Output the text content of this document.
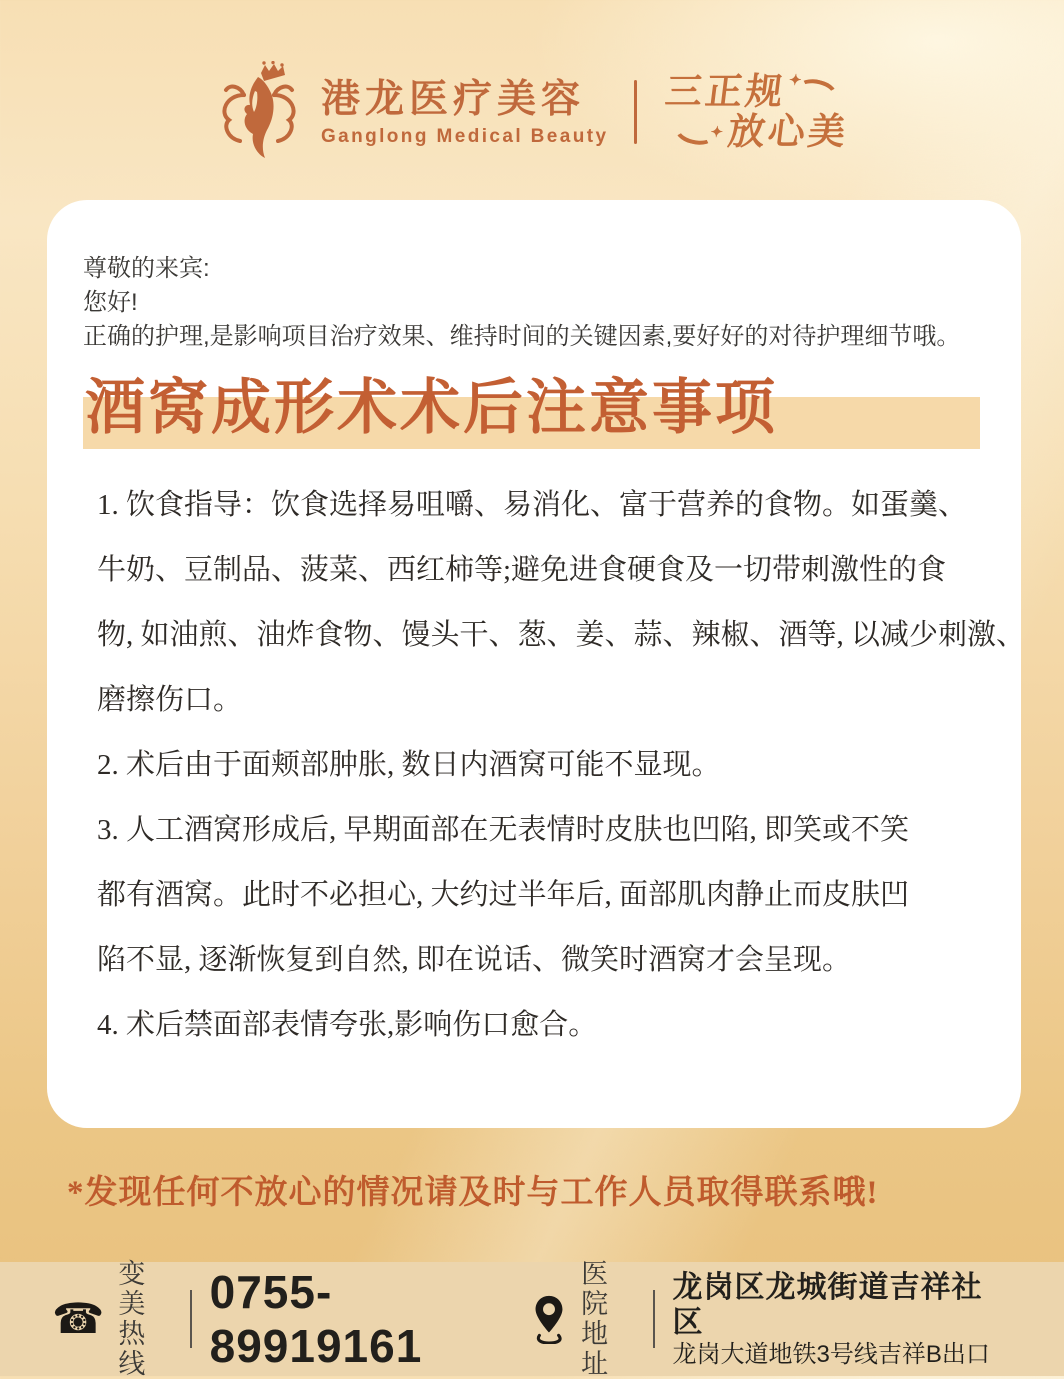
港龙医疗美容
Ganglong Medical Beauty
三正规 ✦
✦
放心美
尊敬的来宾:
您好!
正确的护理,是影响项目治疗效果、维持时间的关键因素,要好好的对待护理细节哦。
酒窝成形术术后注意事项
1. 饮食指导：饮食选择易咀嚼、易消化、富于营养的食物。如蛋羹、
牛奶、豆制品、菠菜、西红柿等;避免进食硬食及一切带刺激性的食
物, 如油煎、油炸食物、馒头干、葱、姜、蒜、辣椒、酒等, 以减少刺激、
磨擦伤口。
2. 术后由于面颊部肿胀, 数日内酒窝可能不显现。
3. 人工酒窝形成后, 早期面部在无表情时皮肤也凹陷, 即笑或不笑
都有酒窝。此时不必担心, 大约过半年后, 面部肌肉静止而皮肤凹
陷不显, 逐渐恢复到自然, 即在说话、微笑时酒窝才会呈现。
4. 术后禁面部表情夸张,影响伤口愈合。
*发现任何不放心的情况请及时与工作人员取得联系哦!
☎
变美
热线
0755-89919161
医院
地址
龙岗区龙城街道吉祥社区
龙岗大道地铁3号线吉祥B出口
